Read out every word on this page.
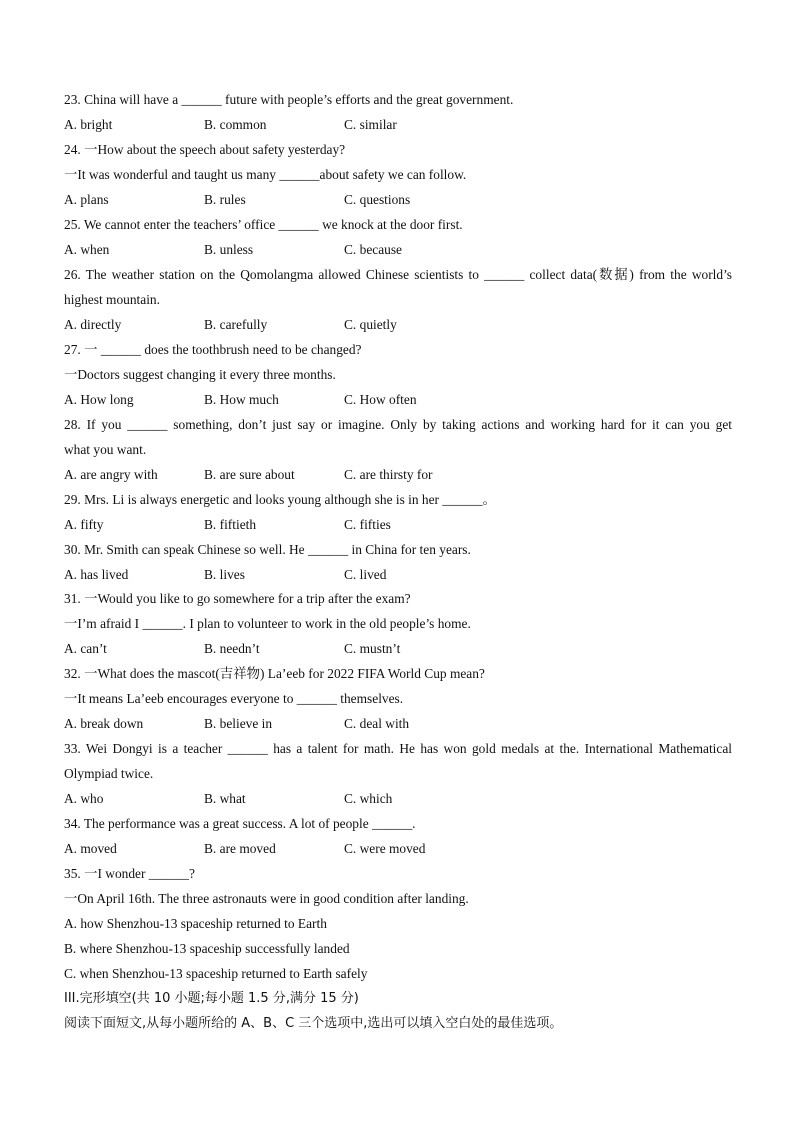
23. China will have a ______ future with people’s efforts and the great government.
A. bright	B. common	C. similar
24. 一How about the speech about safety yesterday?
一It was wonderful and taught us many ______about safety we can follow.
A. plans	B. rules	C. questions
25. We cannot enter the teachers’ office ______ we knock at the door first.
A. when	B. unless	C. because
26. The weather station on the Qomolangma allowed Chinese scientists to ______ collect data(数据) from the world’s
highest mountain.
A. directly	B. carefully	C. quietly
27. 一 ______ does the toothbrush need to be changed?
一Doctors suggest changing it every three months.
A. How long	B. How much	C. How often
28. If you ______ something, don’t just say or imagine. Only by taking actions and working hard for it can you get
what you want.
A. are angry with	B. are sure about	C. are thirsty for
29. Mrs. Li is always energetic and looks young although she is in her ______。
A. fifty	B. fiftieth	C. fifties
30. Mr. Smith can speak Chinese so well. He ______ in China for ten years.
A. has lived	B. lives	C. lived
31. 一Would you like to go somewhere for a trip after the exam?
一I’m afraid I ______. I plan to volunteer to work in the old people’s home.
A. can’t	B. needn’t	C. mustn’t
32. 一What does the mascot(吉祥物) La’eeb for 2022 FIFA World Cup mean?
一It means La’eeb encourages everyone to ______ themselves.
A. break down	B. believe in	C. deal with
33. Wei Dongyi is a teacher ______ has a talent for math. He has won gold medals at the. International Mathematical
Olympiad twice.
A. who	B. what	C. which
34. The performance was a great success. A lot of people ______.
A. moved	B. are moved	C. were moved
35. 一I wonder ______?
一On April 16th. The three astronauts were in good condition after landing.
A. how Shenzhou-13 spaceship returned to Earth
B. where Shenzhou-13 spaceship successfully landed
C. when Shenzhou-13 spaceship returned to Earth safely
III.完形填空(共 10 小题;每小题 1.5 分,满分 15 分)
阅读下面短文,从每小题所给的 A、B、C 三个选项中,选出可以填入空白处的最佳选项。
